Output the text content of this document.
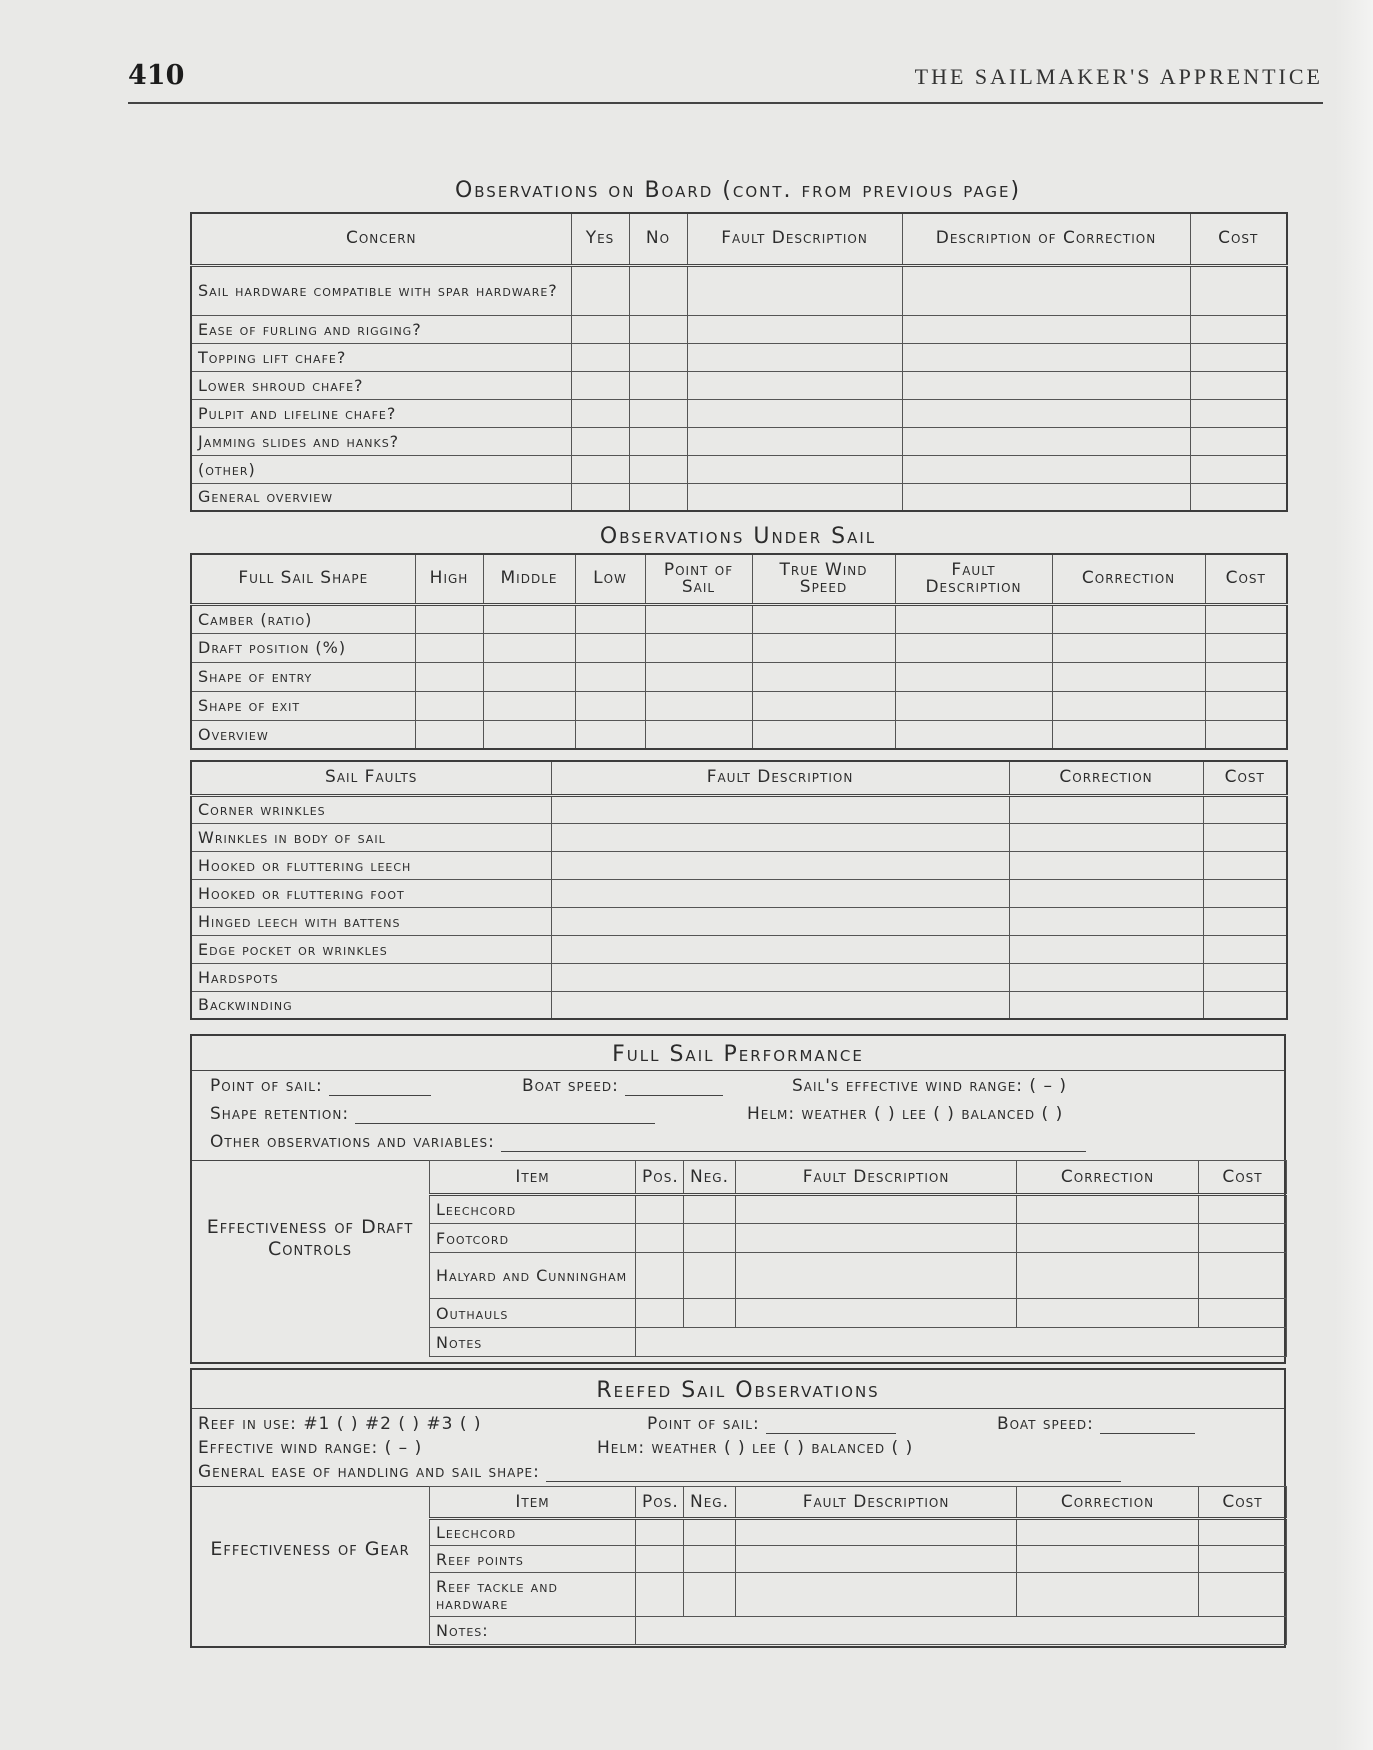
410	THE SAILMAKER'S APPRENTICE
Observations on Board (cont. from previous page)
Concern	Yes	No	Fault Description	Description of Correction	Cost
Sail hardware compatible with spar hardware?					
Ease of furling and rigging?					
Topping lift chafe?					
Lower shroud chafe?					
Pulpit and lifeline chafe?					
Jamming slides and hanks?					
(other)					
General overview					
Observations Under Sail
Full Sail Shape	High	Middle	Low	Point of Sail	True Wind Speed	Fault Description	Correction	Cost
Camber (ratio)								
Draft position (%)								
Shape of entry								
Shape of exit								
Overview								
Sail Faults	Fault Description	Correction	Cost
Corner wrinkles			
Wrinkles in body of sail			
Hooked or fluttering leech			
Hooked or fluttering foot			
Hinged leech with battens			
Edge pocket or wrinkles			
Hardspots			
Backwinding			
Full Sail Performance
Point of sail:	Boat speed:	Sail's effective wind range: ( – )
Shape retention:	Helm: weather ( ) lee ( ) balanced ( )
Other observations and variables:
Effectiveness of Draft Controls
Item	Pos.	Neg.	Fault Description	Correction	Cost
Leechcord					
Footcord					
Halyard and Cunningham					
Outhauls					
Notes					
Reefed Sail Observations
Reef in use: #1 ( ) #2 ( ) #3 ( )	Point of sail:	Boat speed:
Effective wind range: ( – )	Helm: weather ( ) lee ( ) balanced ( )
General ease of handling and sail shape:
Effectiveness of Gear
Item	Pos.	Neg.	Fault Description	Correction	Cost
Leechcord					
Reef points					
Reef tackle and hardware					
Notes:					
